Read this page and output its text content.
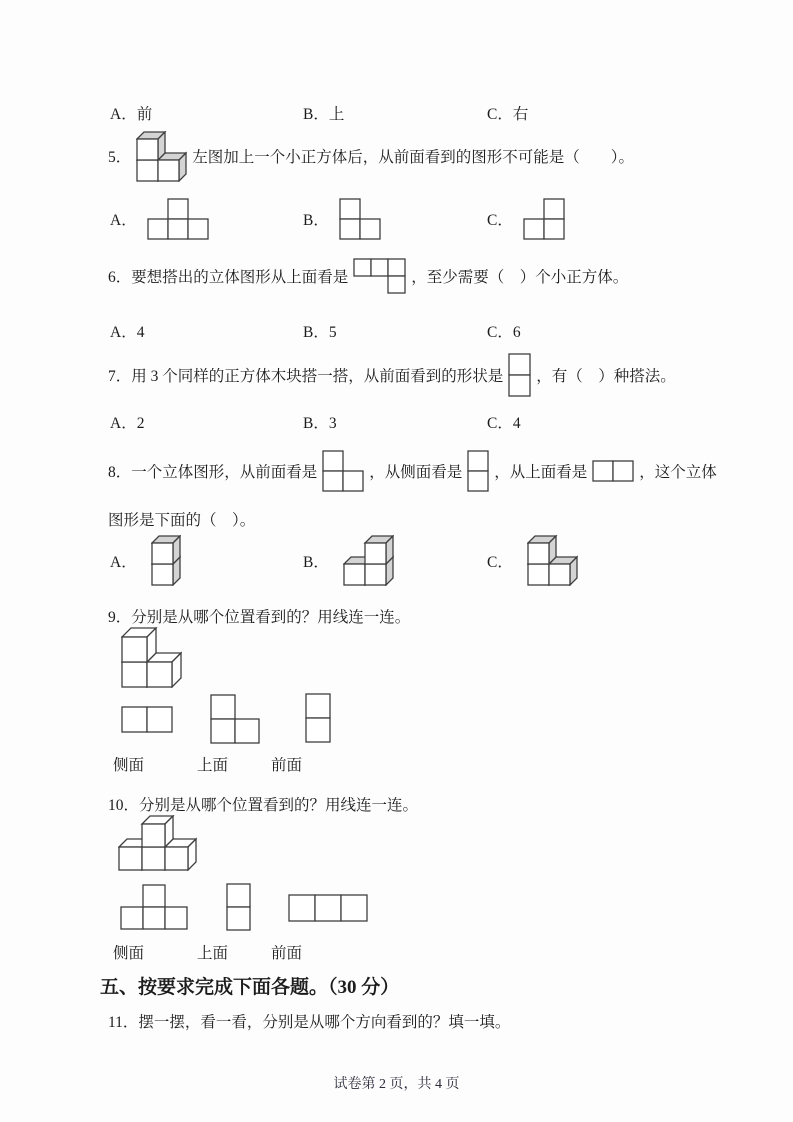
A．前	B．上	C．右
5．	左图加上一个小正方体后，从前面看到的图形不可能是（　　）。
A．	B．	C．
6．要想搭出的立体图形从上面看是	，至少需要（　）个小正方体。
A．4	B．5	C．6
7．用 3 个同样的正方体木块搭一搭，从前面看到的形状是 ，有（　）种搭法。
A．2	B．3	C．4
8．一个立体图形，从前面看是	，从侧面看是 ，从上面看是	，这个立体
图形是下面的（　）。
A．	B．	C．
9．分别是从哪个位置看到的？用线连一连。
侧面	上面	前面
10．分别是从哪个位置看到的？用线连一连。
侧面	上面	前面
五、按要求完成下面各题。（30 分）
11．摆一摆，看一看，分别是从哪个方向看到的？填一填。
试卷第 2 页，共 4 页
